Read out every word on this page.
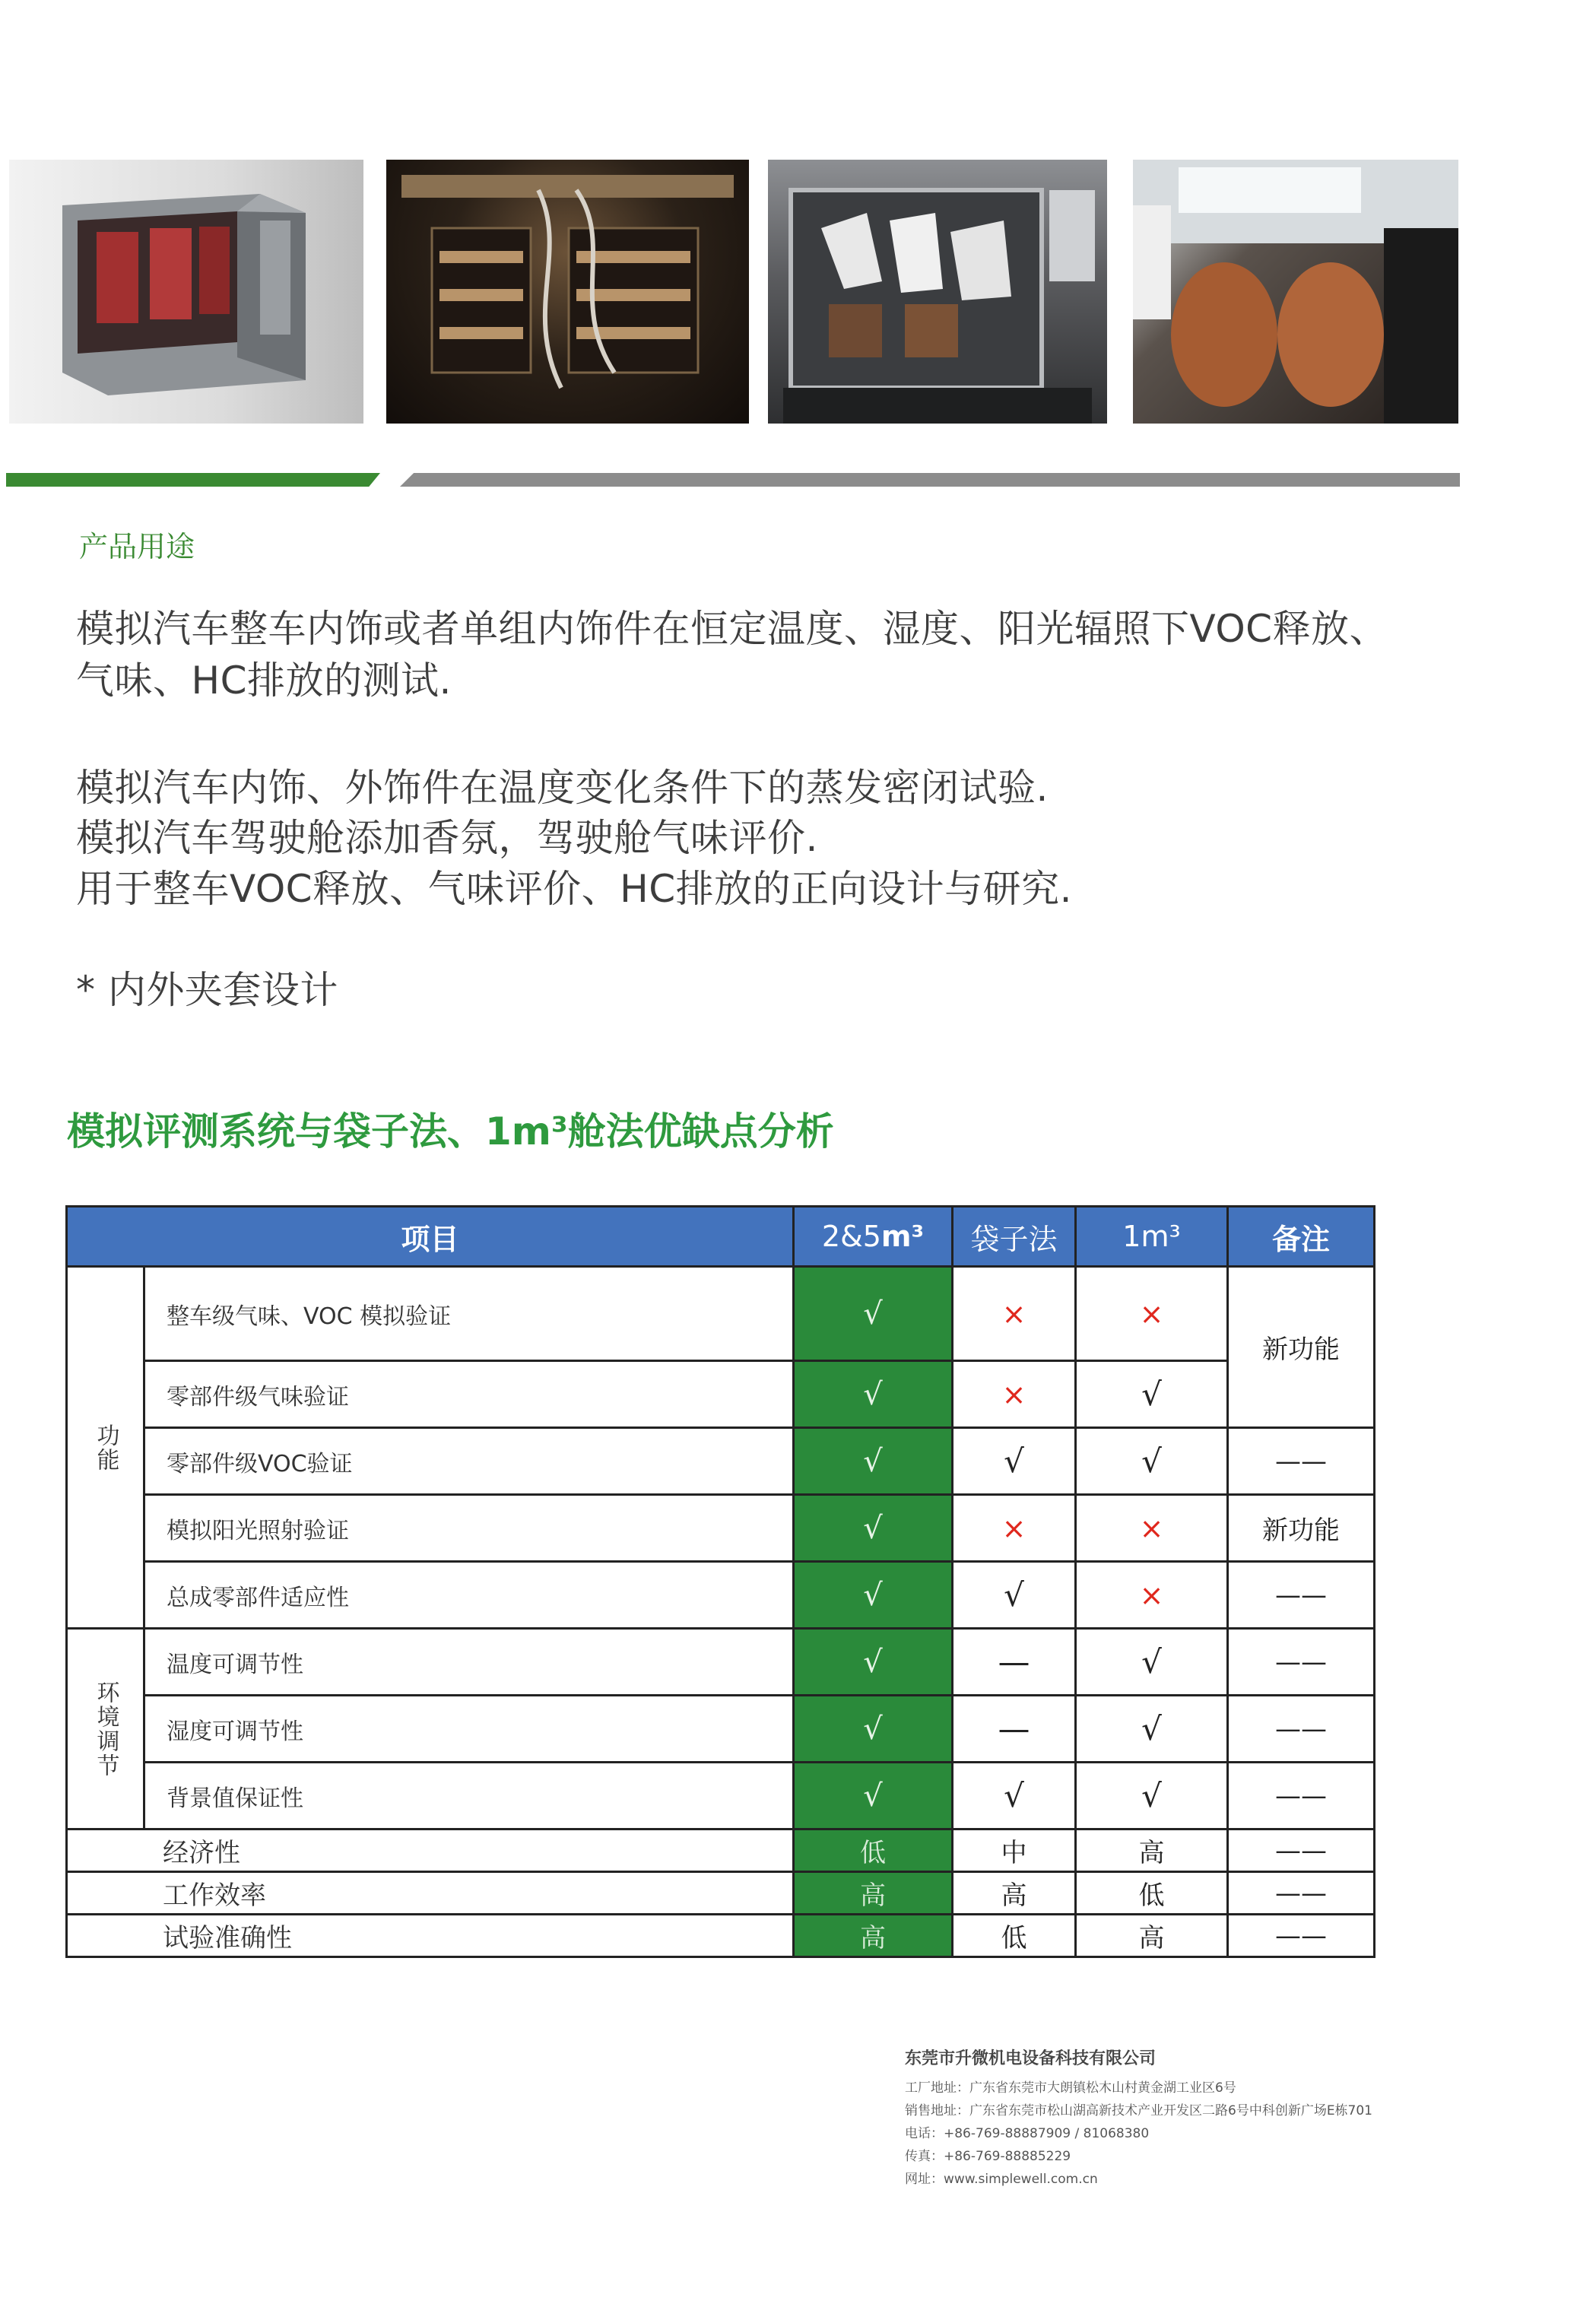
产品用途
模拟汽车整车内饰或者单组内饰件在恒定温度、湿度、阳光辐照下VOC释放、
气味、HC排放的测试.
模拟汽车内饰、外饰件在温度变化条件下的蒸发密闭试验.
模拟汽车驾驶舱添加香氛，驾驶舱气味评价.
用于整车VOC释放、气味评价、HC排放的正向设计与研究.
* 内外夹套设计
模拟评测系统与袋子法、1m³舱法优缺点分析
项目		2&5m³	袋子法	1m³	备注

功能	整车级气味、VOC 模拟验证	√	×	×	新功能
	零部件级气味验证	√	×	√	
	零部件级VOC验证	√	√	√	——
	模拟阳光照射验证	√	×	×	新功能
	总成零部件适应性	√	√	×	——

环境调节	温度可调节性	√	—	√	——
	湿度可调节性	√	—	√	——
	背景值保证性	√	√	√	——
经济性		低	中	高	——
工作效率		高	高	低	——
试验准确性		高	低	高	——
东莞市升微机电设备科技有限公司
工厂地址：广东省东莞市大朗镇松木山村黄金湖工业区6号
销售地址：广东省东莞市松山湖高新技术产业开发区二路6号中科创新广场E栋701
电话：+86-769-88887909 / 81068380
传真：+86-769-88885229
网址：www.simplewell.com.cn
